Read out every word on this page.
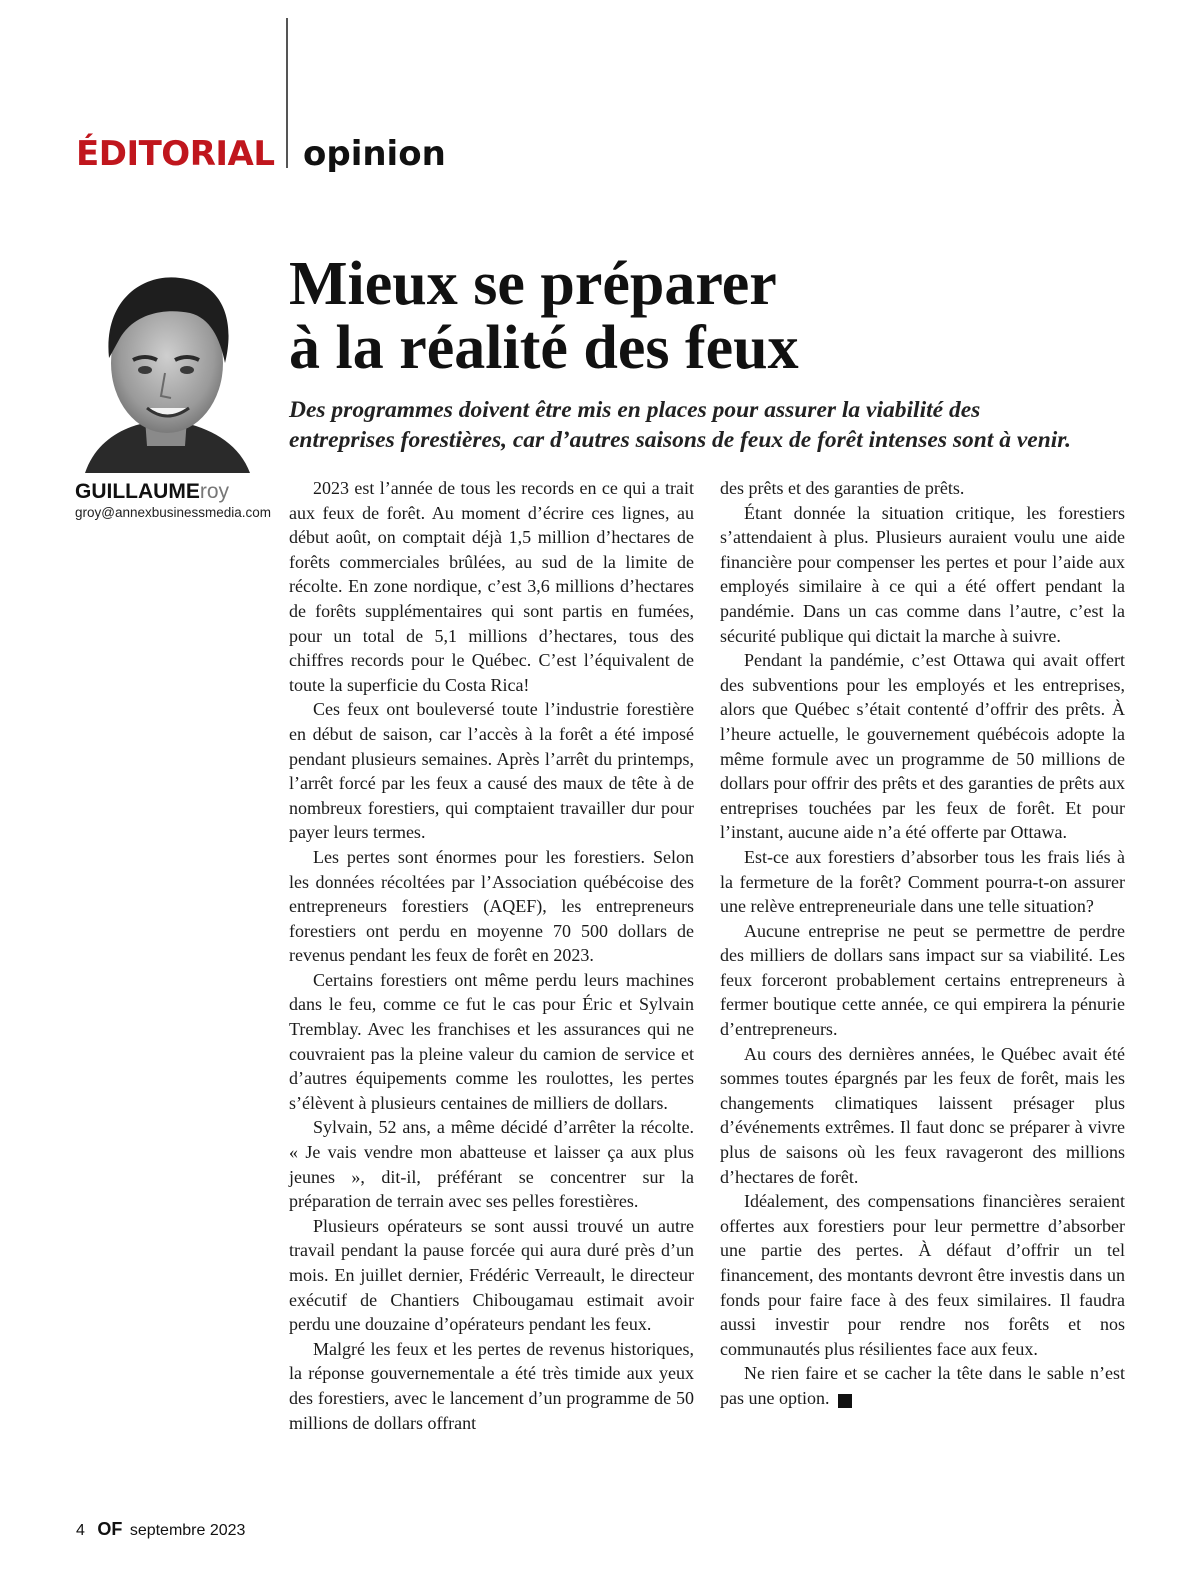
ÉDITORIAL opinion
GUILLAUMEroy
groy@annexbusinessmedia.com
Mieux se préparer
à la réalité des feux

Des programmes doivent être mis en places pour assurer la viabilité des
entreprises forestières, car d’autres saisons de feux de forêt intenses sont à venir.

2023 est l’année de tous les records en ce qui a trait aux feux de forêt. Au moment d’écrire ces lignes, au début août, on comptait déjà 1,5 million d’hectares de forêts commerciales brûlées, au sud de la limite de récolte. En zone nordique, c’est 3,6 millions d’hectares de forêts supplémentaires qui sont partis en fumées, pour un total de 5,1 millions d’hectares, tous des chiffres records pour le Québec. C’est l’équivalent de toute la superficie du Costa Rica!

Ces feux ont bouleversé toute l’industrie forestière en début de saison, car l’accès à la forêt a été imposé pendant plusieurs semaines. Après l’arrêt du printemps, l’arrêt forcé par les feux a causé des maux de tête à de nombreux forestiers, qui comptaient travailler dur pour payer leurs termes.

Les pertes sont énormes pour les forestiers. Selon les données récoltées par l’Association québécoise des entrepreneurs forestiers (AQEF), les entrepreneurs forestiers ont perdu en moyenne 70 500 dollars de revenus pendant les feux de forêt en 2023.

Certains forestiers ont même perdu leurs machines dans le feu, comme ce fut le cas pour Éric et Sylvain Tremblay. Avec les franchises et les assurances qui ne couvraient pas la pleine valeur du camion de service et d’autres équipements comme les roulottes, les pertes s’élèvent à plusieurs centaines de milliers de dollars.

Sylvain, 52 ans, a même décidé d’arrêter la récolte. « Je vais vendre mon abatteuse et laisser ça aux plus jeunes », dit-il, préférant se concentrer sur la préparation de terrain avec ses pelles forestières.

Plusieurs opérateurs se sont aussi trouvé un autre travail pendant la pause forcée qui aura duré près d’un mois. En juillet dernier, Frédéric Verreault, le directeur exécutif de Chantiers Chibougamau estimait avoir perdu une douzaine d’opérateurs pendant les feux.

Malgré les feux et les pertes de revenus historiques, la réponse gouvernementale a été très timide aux yeux des forestiers, avec le lancement d’un programme de 50 millions de dollars offrant

des prêts et des garanties de prêts.

Étant donnée la situation critique, les forestiers s’attendaient à plus. Plusieurs auraient voulu une aide financière pour compenser les pertes et pour l’aide aux employés similaire à ce qui a été offert pendant la pandémie. Dans un cas comme dans l’autre, c’est la sécurité publique qui dictait la marche à suivre.

Pendant la pandémie, c’est Ottawa qui avait offert des subventions pour les employés et les entreprises, alors que Québec s’était contenté d’offrir des prêts. À l’heure actuelle, le gouvernement québécois adopte la même formule avec un programme de 50 millions de dollars pour offrir des prêts et des garanties de prêts aux entreprises touchées par les feux de forêt. Et pour l’instant, aucune aide n’a été offerte par Ottawa.

Est-ce aux forestiers d’absorber tous les frais liés à la fermeture de la forêt? Comment pourra-t-on assurer une relève entrepreneuriale dans une telle situation?

Aucune entreprise ne peut se permettre de perdre des milliers de dollars sans impact sur sa viabilité. Les feux forceront probablement certains entrepreneurs à fermer boutique cette année, ce qui empirera la pénurie d’entrepreneurs.

Au cours des dernières années, le Québec avait été sommes toutes épargnés par les feux de forêt, mais les changements climatiques laissent présager plus d’événements extrêmes. Il faut donc se préparer à vivre plus de saisons où les feux ravageront des millions d’hectares de forêt.

Idéalement, des compensations financières seraient offertes aux forestiers pour leur permettre d’absorber une partie des pertes. À défaut d’offrir un tel financement, des montants devront être investis dans un fonds pour faire face à des feux similaires. Il faudra aussi investir pour rendre nos forêts et nos communautés plus résilientes face aux feux.

Ne rien faire et se cacher la tête dans le sable n’est pas une option.	OF

4 OF septembre 2023
